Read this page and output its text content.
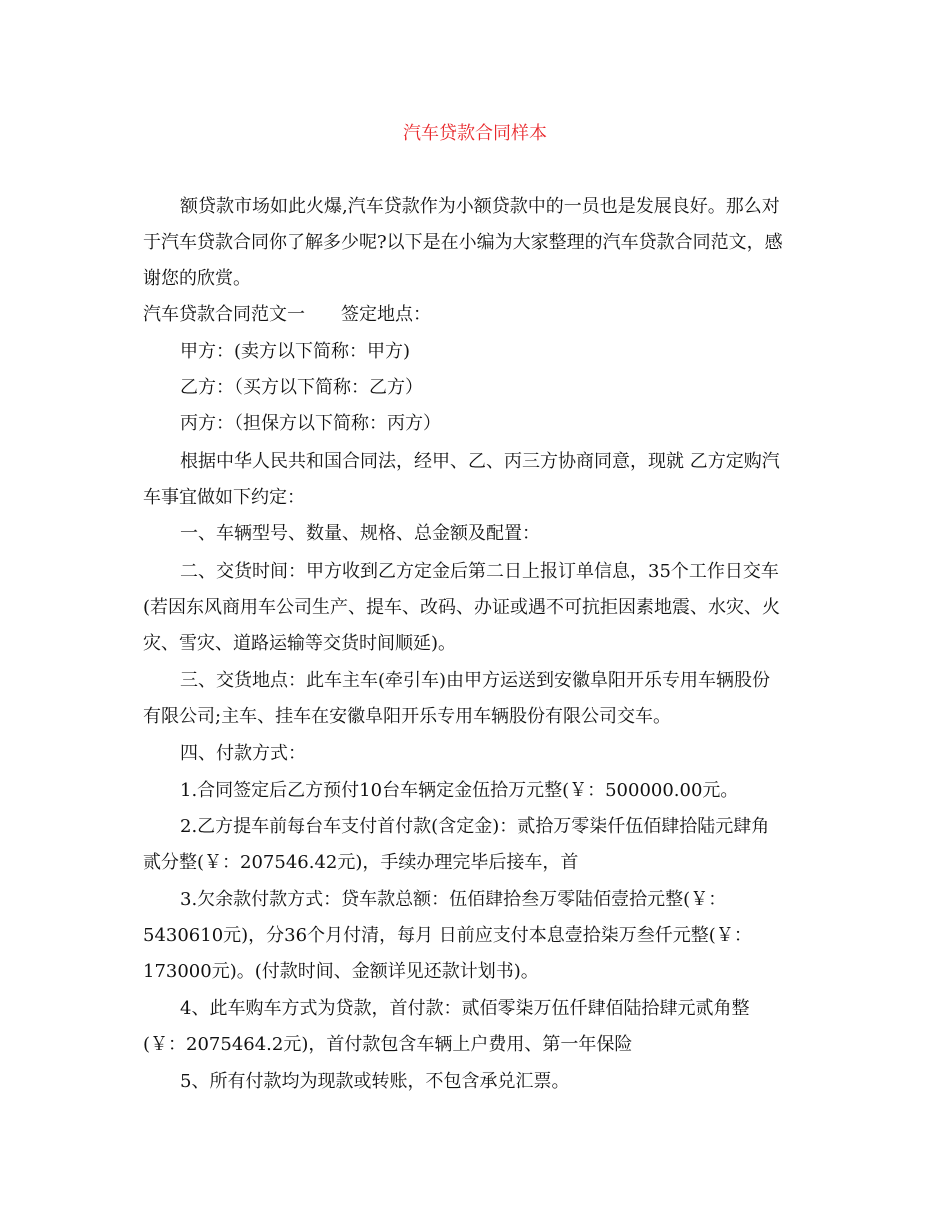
汽车贷款合同样本
额贷款市场如此火爆,汽车贷款作为小额贷款中的一员也是发展良好。那么对
于汽车贷款合同你了解多少呢?以下是在小编为大家整理的汽车贷款合同范文，感
谢您的欣赏。
汽车贷款合同范文一 签定地点：
甲方：(卖方以下简称：甲方)
乙方：（买方以下简称：乙方）
丙方：（担保方以下简称：丙方）
根据中华人民共和国合同法，经甲、乙、丙三方协商同意，现就 乙方定购汽
车事宜做如下约定：
一、车辆型号、数量、规格、总金额及配置：
二、交货时间：甲方收到乙方定金后第二日上报订单信息，35个工作日交车
(若因东风商用车公司生产、提车、改码、办证或遇不可抗拒因素地震、水灾、火
灾、雪灾、道路运输等交货时间顺延)。
三、交货地点：此车主车(牵引车)由甲方运送到安徽阜阳开乐专用车辆股份
有限公司;主车、挂车在安徽阜阳开乐专用车辆股份有限公司交车。
四、付款方式：
1.合同签定后乙方预付10台车辆定金伍拾万元整(￥：500000.00元。
2.乙方提车前每台车支付首付款(含定金)：贰拾万零柒仟伍佰肆拾陆元肆角
贰分整(￥：207546.42元)，手续办理完毕后接车，首
3.欠余款付款方式：贷车款总额：伍佰肆拾叁万零陆佰壹拾元整(￥：
5430610元)，分36个月付清，每月 日前应支付本息壹拾柒万叁仟元整(￥：
173000元)。(付款时间、金额详见还款计划书)。
4、此车购车方式为贷款，首付款：贰佰零柒万伍仟肆佰陆拾肆元贰角整
(￥：2075464.2元)，首付款包含车辆上户费用、第一年保险
5、所有付款均为现款或转账，不包含承兑汇票。
